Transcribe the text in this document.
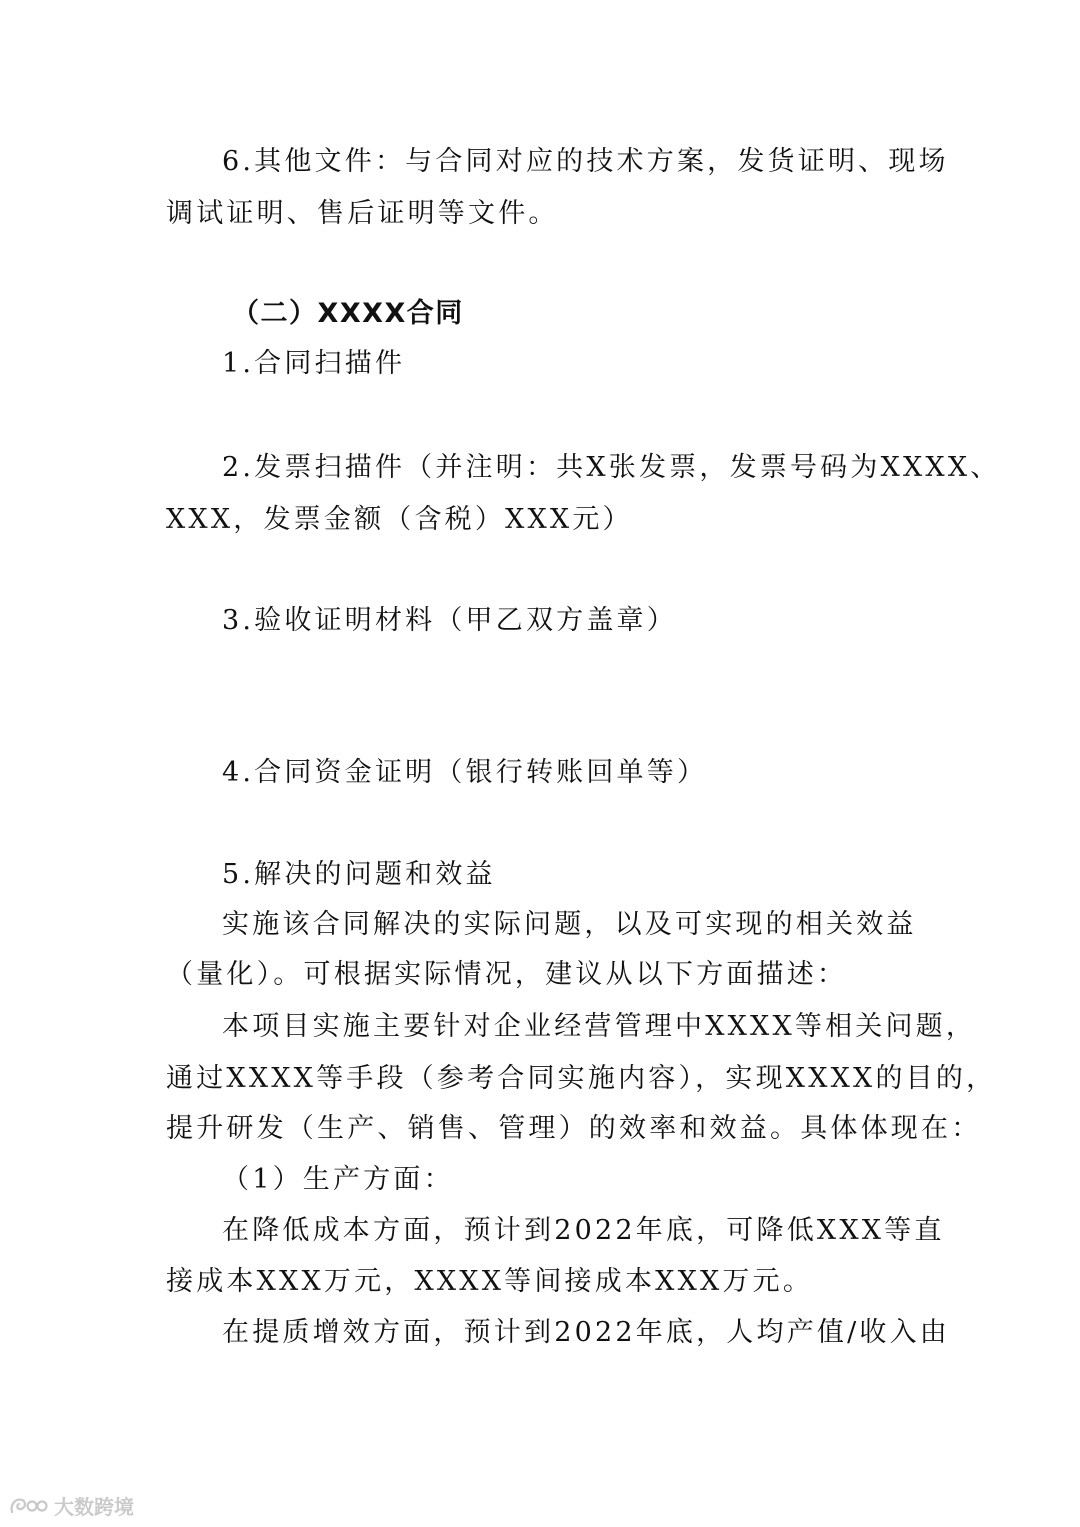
6.其他文件：与合同对应的技术方案，发货证明、现场
调试证明、售后证明等文件。
（二）XXXX合同
1.合同扫描件
2.发票扫描件（并注明：共X张发票，发票号码为XXXX、
XXX，发票金额（含税）XXX元）
3.验收证明材料（甲乙双方盖章）
4.合同资金证明（银行转账回单等）
5.解决的问题和效益
实施该合同解决的实际问题，以及可实现的相关效益
（量化）。可根据实际情况，建议从以下方面描述：
本项目实施主要针对企业经营管理中XXXX等相关问题，
通过XXXX等手段（参考合同实施内容），实现XXXX的目的，
提升研发（生产、销售、管理）的效率和效益。具体体现在：
（1）生产方面：
在降低成本方面，预计到2022年底，可降低XXX等直
接成本XXX万元，XXXX等间接成本XXX万元。
在提质增效方面，预计到2022年底，人均产值/收入由
大数跨境
